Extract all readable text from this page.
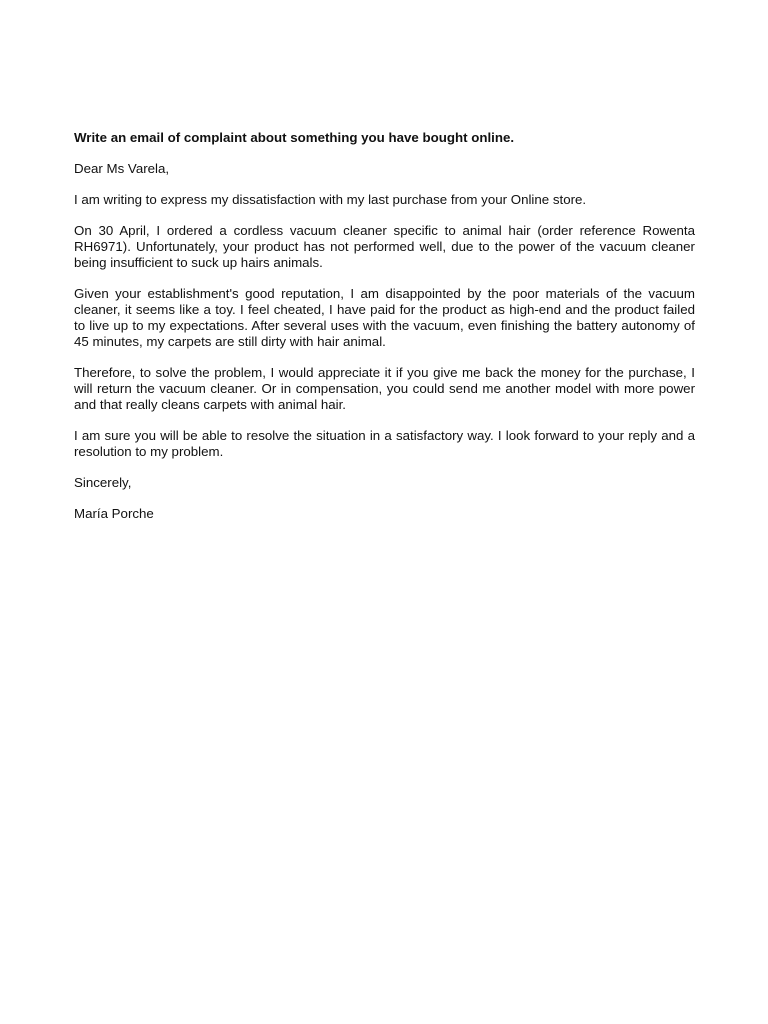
Write an email of complaint about something you have bought online.

Dear Ms Varela,

I am writing to express my dissatisfaction with my last purchase from your Online store.

On 30 April, I ordered a cordless vacuum cleaner specific to animal hair (order reference Rowenta RH6971). Unfortunately, your product has not performed well, due to the power of the vacuum cleaner being insufficient to suck up hairs animals.

Given your establishment's good reputation, I am disappointed by the poor materials of the vacuum cleaner, it seems like a toy. I feel cheated, I have paid for the product as high-end and the product failed to live up to my expectations. After several uses with the vacuum, even finishing the battery autonomy of 45 minutes, my carpets are still dirty with hair animal.

Therefore, to solve the problem, I would appreciate it if you give me back the money for the purchase, I will return the vacuum cleaner. Or in compensation, you could send me another model with more power and that really cleans carpets with animal hair.

I am sure you will be able to resolve the situation in a satisfactory way. I look forward to your reply and a resolution to my problem.

Sincerely,

María Porche
